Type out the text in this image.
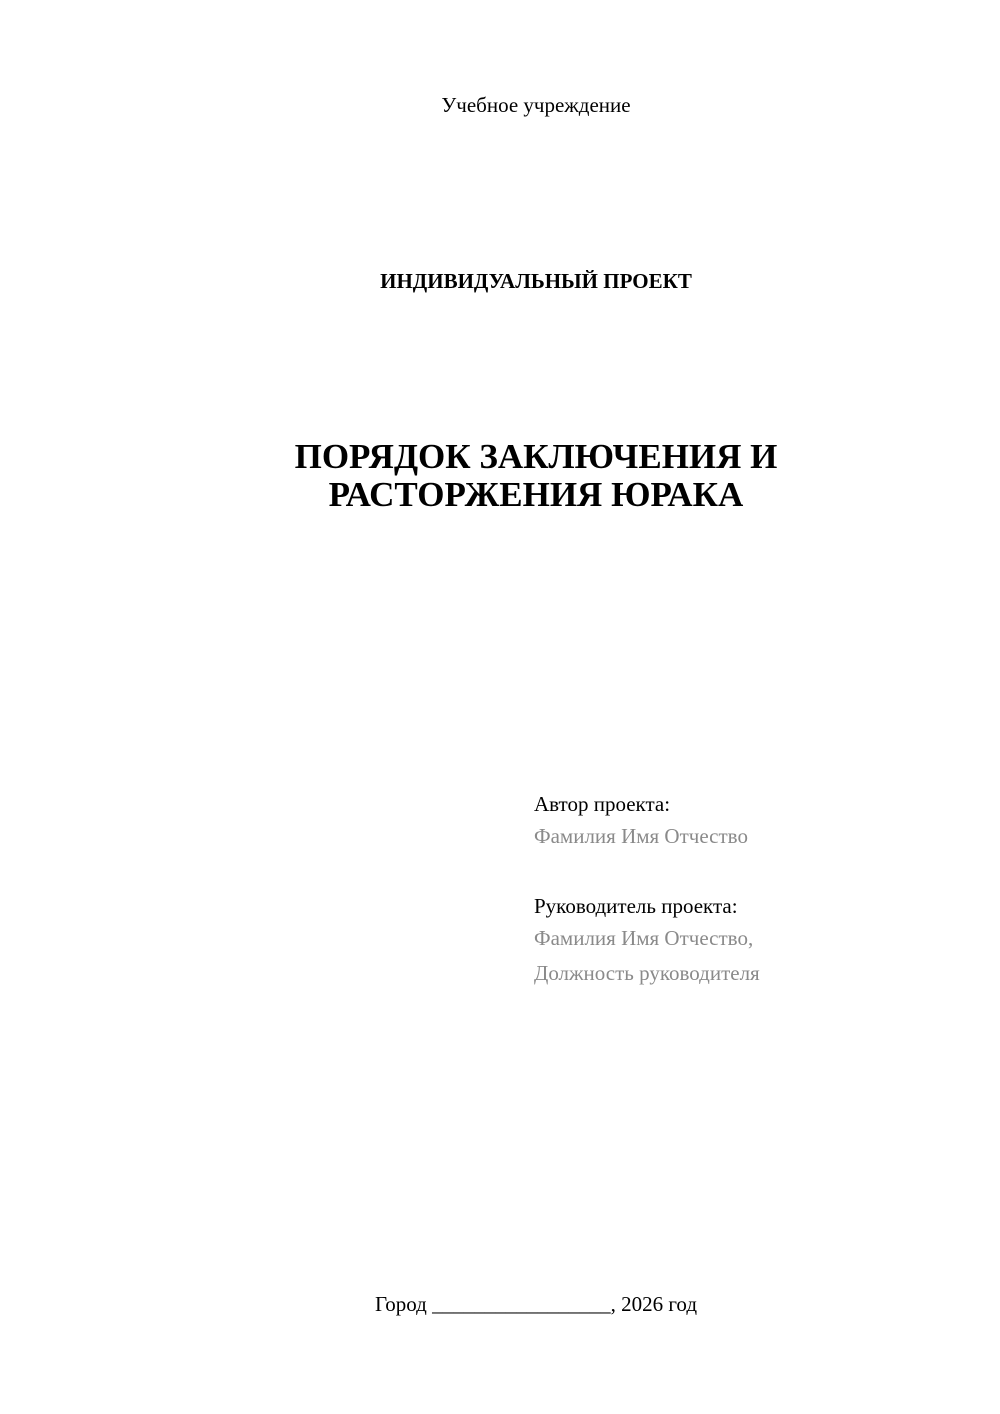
Учебное учреждение
ИНДИВИДУАЛЬНЫЙ ПРОЕКТ
ПОРЯДОК ЗАКЛЮЧЕНИЯ И
РАСТОРЖЕНИЯ ЮРАКА
Автор проекта:
Фамилия Имя Отчество
Руководитель проекта:
Фамилия Имя Отчество,
Должность руководителя
Город _________________, 2026 год
